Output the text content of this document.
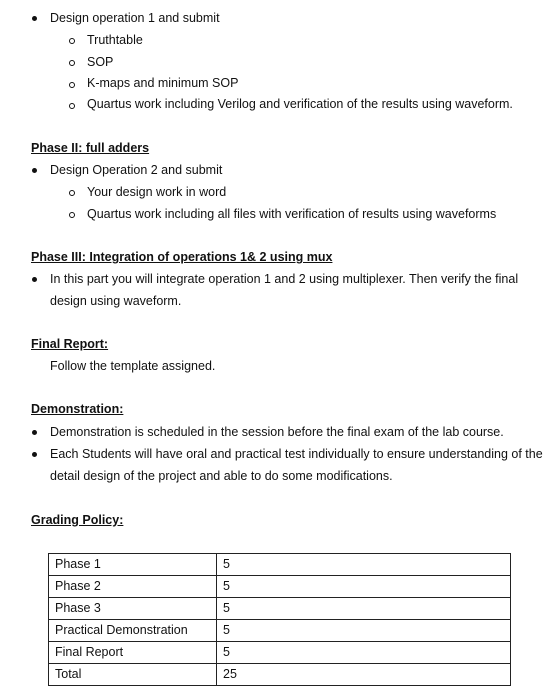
Design operation 1 and submit
Truthtable
SOP
K-maps and minimum SOP
Quartus work including Verilog and verification of the results using waveform.
Phase II: full adders
Design Operation 2 and submit
Your design work in word
Quartus work including all files with verification of results using waveforms
Phase III: Integration of operations 1& 2 using mux
In this part you will integrate operation 1 and 2 using multiplexer. Then verify the final
design using waveform.
Final Report:
Follow the template assigned.
Demonstration:
Demonstration is scheduled in the session before the final exam of the lab course.
Each Students will have oral and practical test individually to ensure understanding of the
detail design of the project and able to do some modifications.
Grading Policy:
Phase 1	5
Phase 2	5
Phase 3	5
Practical Demonstration	5
Final Report	5
Total	25
